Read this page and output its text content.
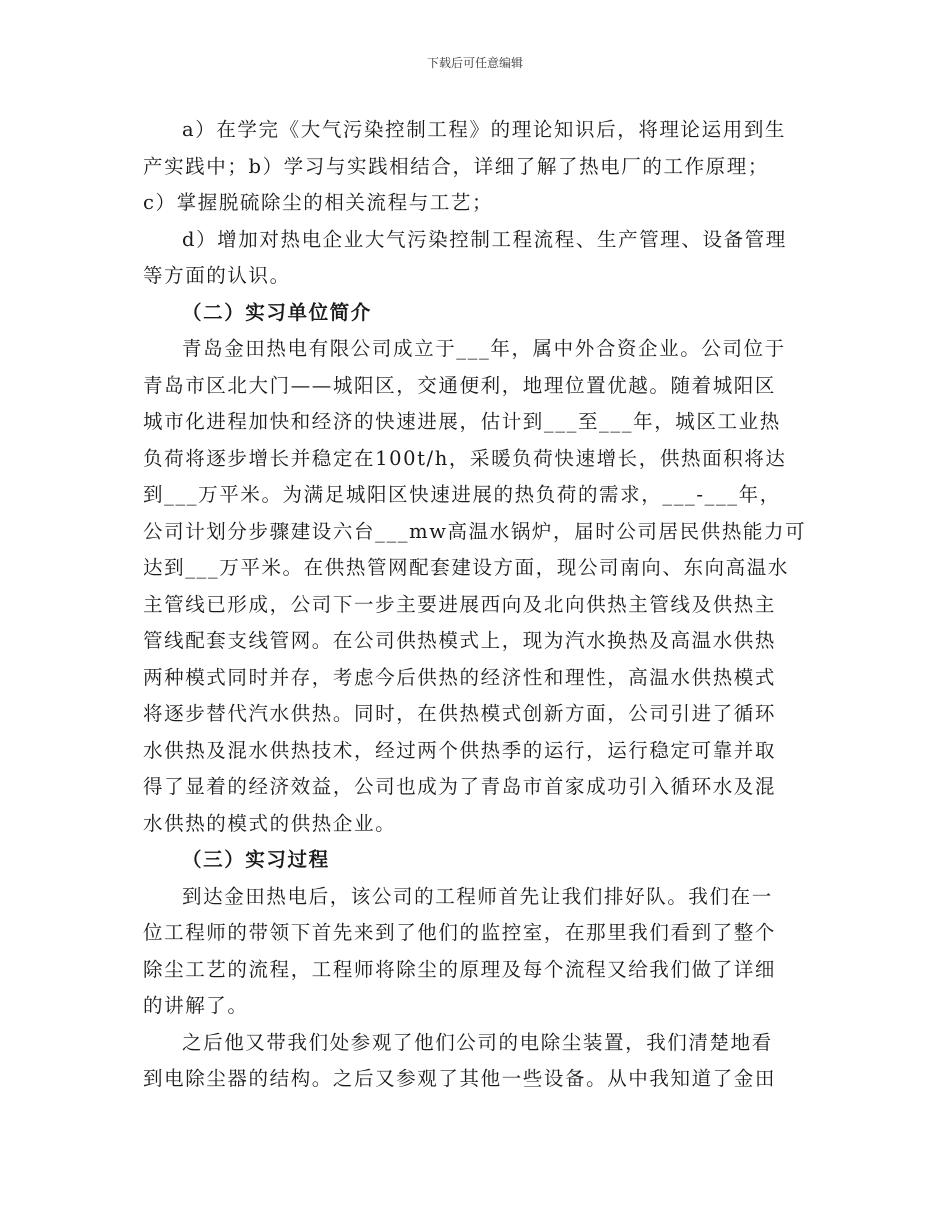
下载后可任意编辑
a）在学完《大气污染控制工程》的理论知识后，将理论运用到生
产实践中；b）学习与实践相结合，详细了解了热电厂的工作原理；
c）掌握脱硫除尘的相关流程与工艺；
d）增加对热电企业大气污染控制工程流程、生产管理、设备管理
等方面的认识。
（二）实习单位简介
青岛金田热电有限公司成立于___年，属中外合资企业。公司位于
青岛市区北大门——城阳区，交通便利，地理位置优越。随着城阳区
城市化进程加快和经济的快速进展，估计到___至___年，城区工业热
负荷将逐步增长并稳定在100t/h，采暖负荷快速增长，供热面积将达
到___万平米。为满足城阳区快速进展的热负荷的需求，___-___年，
公司计划分步骤建设六台___mw高温水锅炉，届时公司居民供热能力可
达到___万平米。在供热管网配套建设方面，现公司南向、东向高温水
主管线已形成，公司下一步主要进展西向及北向供热主管线及供热主
管线配套支线管网。在公司供热模式上，现为汽水换热及高温水供热
两种模式同时并存，考虑今后供热的经济性和理性，高温水供热模式
将逐步替代汽水供热。同时，在供热模式创新方面，公司引进了循环
水供热及混水供热技术，经过两个供热季的运行，运行稳定可靠并取
得了显着的经济效益，公司也成为了青岛市首家成功引入循环水及混
水供热的模式的供热企业。
（三）实习过程
到达金田热电后，该公司的工程师首先让我们排好队。我们在一
位工程师的带领下首先来到了他们的监控室，在那里我们看到了整个
除尘工艺的流程，工程师将除尘的原理及每个流程又给我们做了详细
的讲解了。
之后他又带我们处参观了他们公司的电除尘装置，我们清楚地看
到电除尘器的结构。之后又参观了其他一些设备。从中我知道了金田
